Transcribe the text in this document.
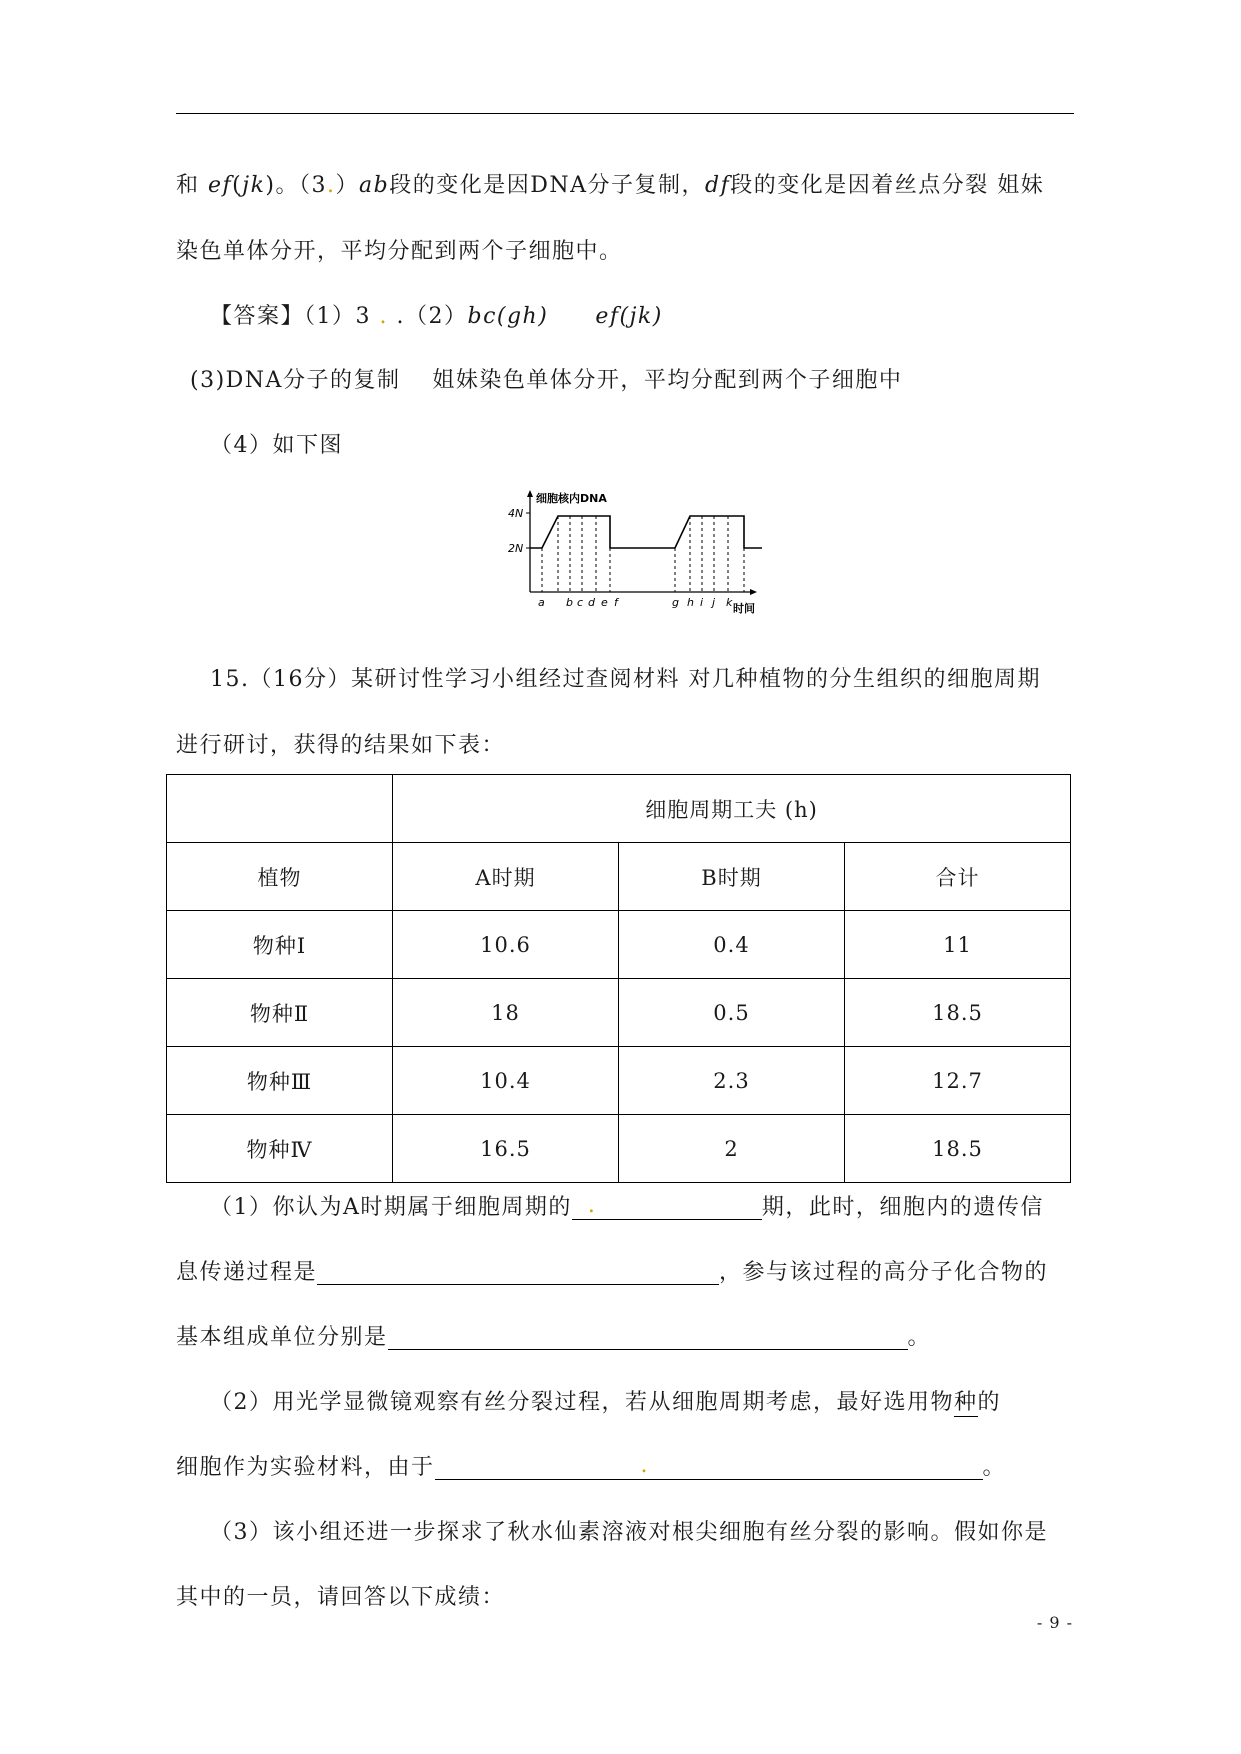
和 ef(jk)。（3.）ab段的变化是因DNA分子复制，df段的变化是因着丝点分裂 姐妹
染色单体分开，平均分配到两个子细胞中。
【答案】（1）3 . .（2）bc(gh)   ef(jk)
(3)DNA分子的复制　 姐妹染色单体分开，平均分配到两个子细胞中
（4）如下图
细胞核内DNA
4N
2N
a b c d e f	g h i j k 时间
15.（16分）某研讨性学习小组经过查阅材料 对几种植物的分生组织的细胞周期
进行研讨，获得的结果如下表：
	细胞周期工夫 (h)		
植物	A时期	B时期	合计
物种Ⅰ	10.6	0.4	11
物种Ⅱ	18	0.5	18.5
物种Ⅲ	10.4	2.3	12.7
物种Ⅳ	16.5	2	18.5
（1）你认为A时期属于细胞周期的 .	期，此时，细胞内的遗传信
息传递过程是	，参与该过程的高分子化合物的
基本组成单位分别是	。
（2）用光学显微镜观察有丝分裂过程，若从细胞周期考虑，最好选用物种的
细胞作为实验材料，由于	.	。
（3）该小组还进一步探求了秋水仙素溶液对根尖细胞有丝分裂的影响。假如你是
其中的一员，请回答以下成绩：
- 9 -
